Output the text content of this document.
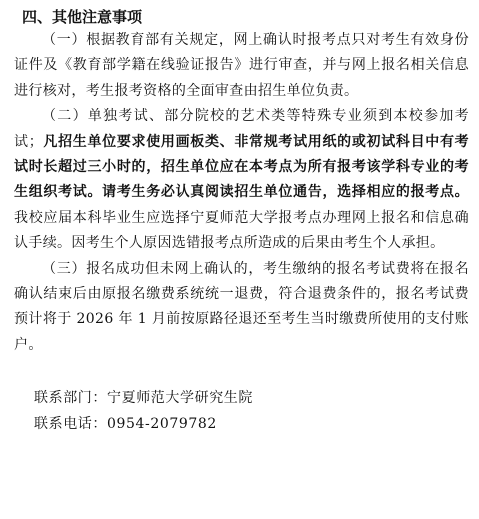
四、其他注意事项

（一）根据教育部有关规定，网上确认时报考点只对考生有效身份证件及《教育部学籍在线验证报告》进行审查，并与网上报名相关信息进行核对，考生报考资格的全面审查由招生单位负责。

（二）单独考试、部分院校的艺术类等特殊专业须到本校参加考试；凡招生单位要求使用画板类、非常规考试用纸的或初试科目中有考试时长超过三小时的，招生单位应在本考点为所有报考该学科专业的考生组织考试。请考生务必认真阅读招生单位通告，选择相应的报考点。我校应届本科毕业生应选择宁夏师范大学报考点办理网上报名和信息确认手续。因考生个人原因选错报考点所造成的后果由考生个人承担。

（三）报名成功但未网上确认的，考生缴纳的报名考试费将在报名确认结束后由原报名缴费系统统一退费，符合退费条件的，报名考试费预计将于 2026 年 1 月前按原路径退还至考生当时缴费所使用的支付账户。

联系部门：宁夏师范大学研究生院
联系电话：0954-2079782
